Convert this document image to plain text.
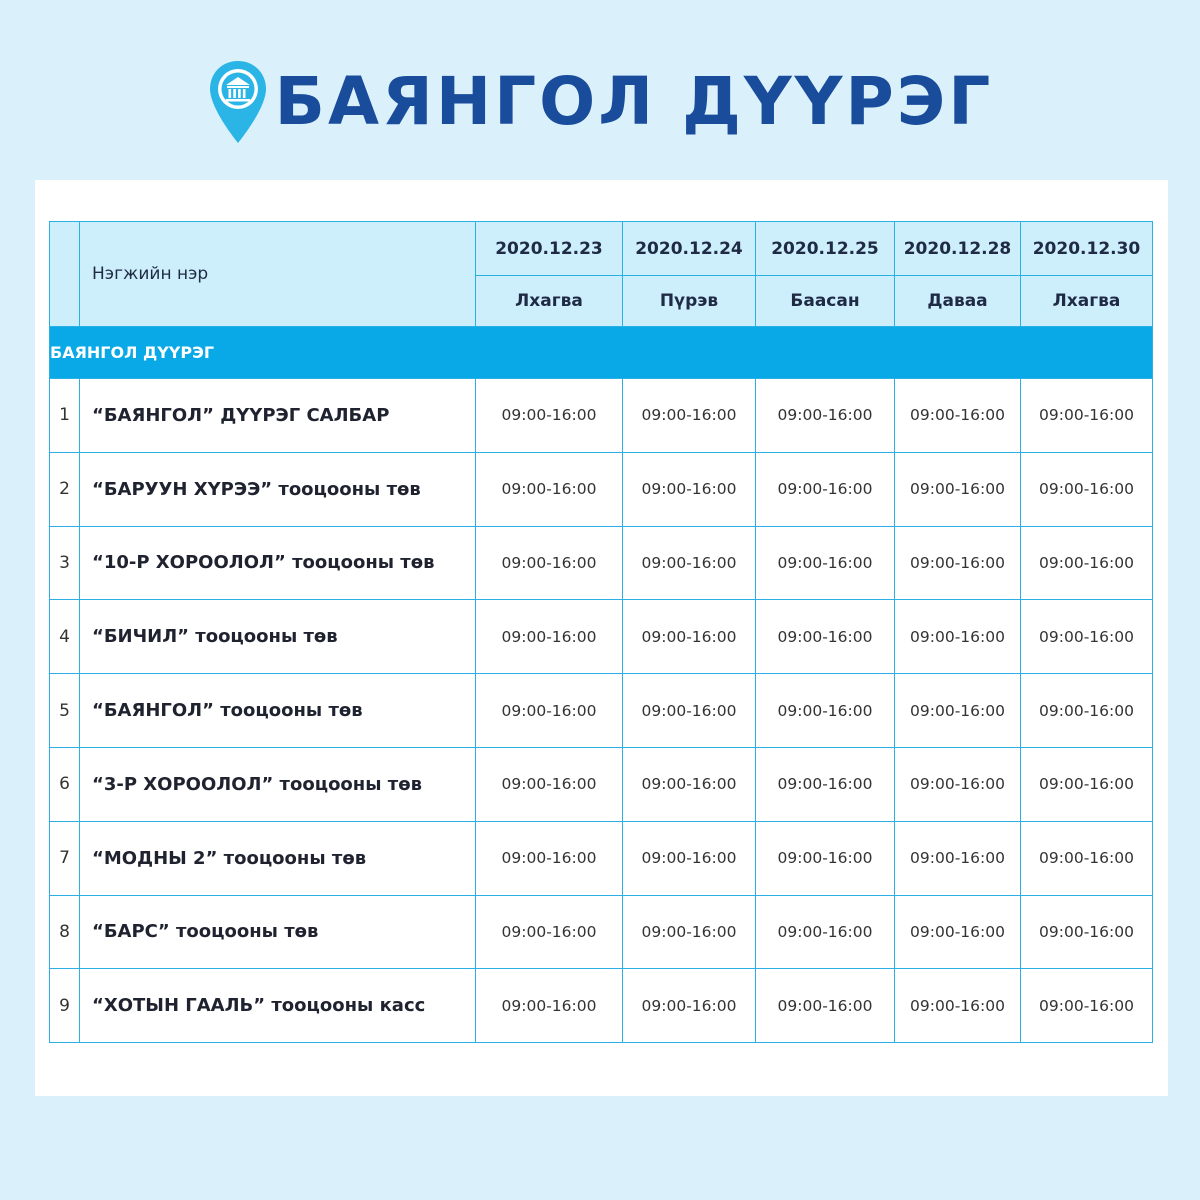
БАЯНГОЛ ДҮҮРЭГ
	Нэгжийн нэр	2020.12.23	2020.12.24	2020.12.25	2020.12.28	2020.12.30
		Лхагва	Пүрэв	Баасан	Даваа	Лхагва
БАЯНГОЛ ДҮҮРЭГ						
1	“БАЯНГОЛ” ДҮҮРЭГ САЛБАР	09:00-16:00	09:00-16:00	09:00-16:00	09:00-16:00	09:00-16:00
2	“БАРУУН ХҮРЭЭ” тооцооны төв	09:00-16:00	09:00-16:00	09:00-16:00	09:00-16:00	09:00-16:00
3	“10-Р ХОРООЛОЛ” тооцооны төв	09:00-16:00	09:00-16:00	09:00-16:00	09:00-16:00	09:00-16:00
4	“БИЧИЛ” тооцооны төв	09:00-16:00	09:00-16:00	09:00-16:00	09:00-16:00	09:00-16:00
5	“БАЯНГОЛ” тооцооны төв	09:00-16:00	09:00-16:00	09:00-16:00	09:00-16:00	09:00-16:00
6	“3-Р ХОРООЛОЛ” тооцооны төв	09:00-16:00	09:00-16:00	09:00-16:00	09:00-16:00	09:00-16:00
7	“МОДНЫ 2” тооцооны төв	09:00-16:00	09:00-16:00	09:00-16:00	09:00-16:00	09:00-16:00
8	“БАРС” тооцооны төв	09:00-16:00	09:00-16:00	09:00-16:00	09:00-16:00	09:00-16:00
9	“ХОТЫН ГААЛЬ” тооцооны касс	09:00-16:00	09:00-16:00	09:00-16:00	09:00-16:00	09:00-16:00
